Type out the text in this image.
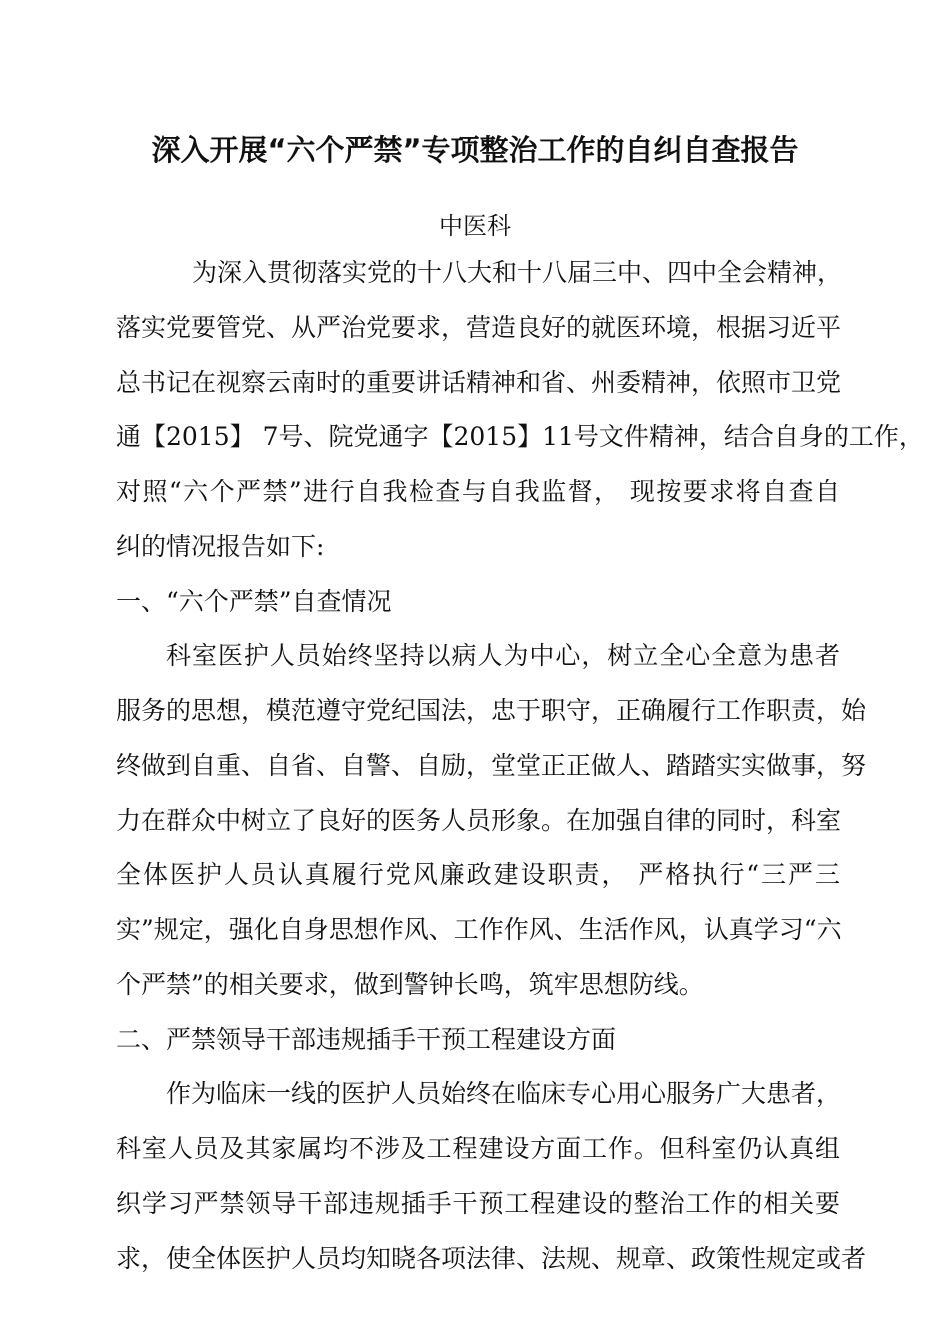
深入开展“六个严禁”专项整治工作的自纠自查报告
中医科
为深入贯彻落实党的十八大和十八届三中、四中全会精神，
落实党要管党、从严治党要求，营造良好的就医环境，根据习近平
总书记在视察云南时的重要讲话精神和省、州委精神，依照市卫党
通【2015】 7号、院党通字【2015】11号文件精神，结合自身的工作，
对照“六个严禁”进行自我检查与自我监督， 现按要求将自查自
纠的情况报告如下:
一、“六个严禁”自查情况
科室医护人员始终坚持以病人为中心，树立全心全意为患者
服务的思想，模范遵守党纪国法，忠于职守，正确履行工作职责，始
终做到自重、自省、自警、自励，堂堂正正做人、踏踏实实做事，努
力在群众中树立了良好的医务人员形象。在加强自律的同时，科室
全体医护人员认真履行党风廉政建设职责， 严格执行“三严三
实”规定，强化自身思想作风、工作作风、生活作风，认真学习“六
个严禁”的相关要求，做到警钟长鸣，筑牢思想防线。
二、严禁领导干部违规插手干预工程建设方面
作为临床一线的医护人员始终在临床专心用心服务广大患者，
科室人员及其家属均不涉及工程建设方面工作。但科室仍认真组
织学习严禁领导干部违规插手干预工程建设的整治工作的相关要
求，使全体医护人员均知晓各项法律、法规、规章、政策性规定或者
